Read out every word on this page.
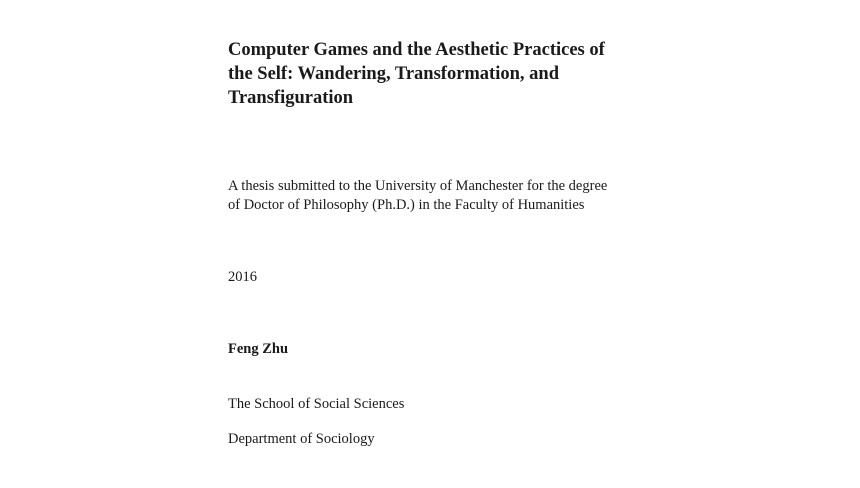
Computer Games and the Aesthetic Practices of
the Self: Wandering, Transformation, and
Transfiguration

A thesis submitted to the University of Manchester for the degree
of Doctor of Philosophy (Ph.D.) in the Faculty of Humanities

2016

Feng Zhu

The School of Social Sciences

Department of Sociology
